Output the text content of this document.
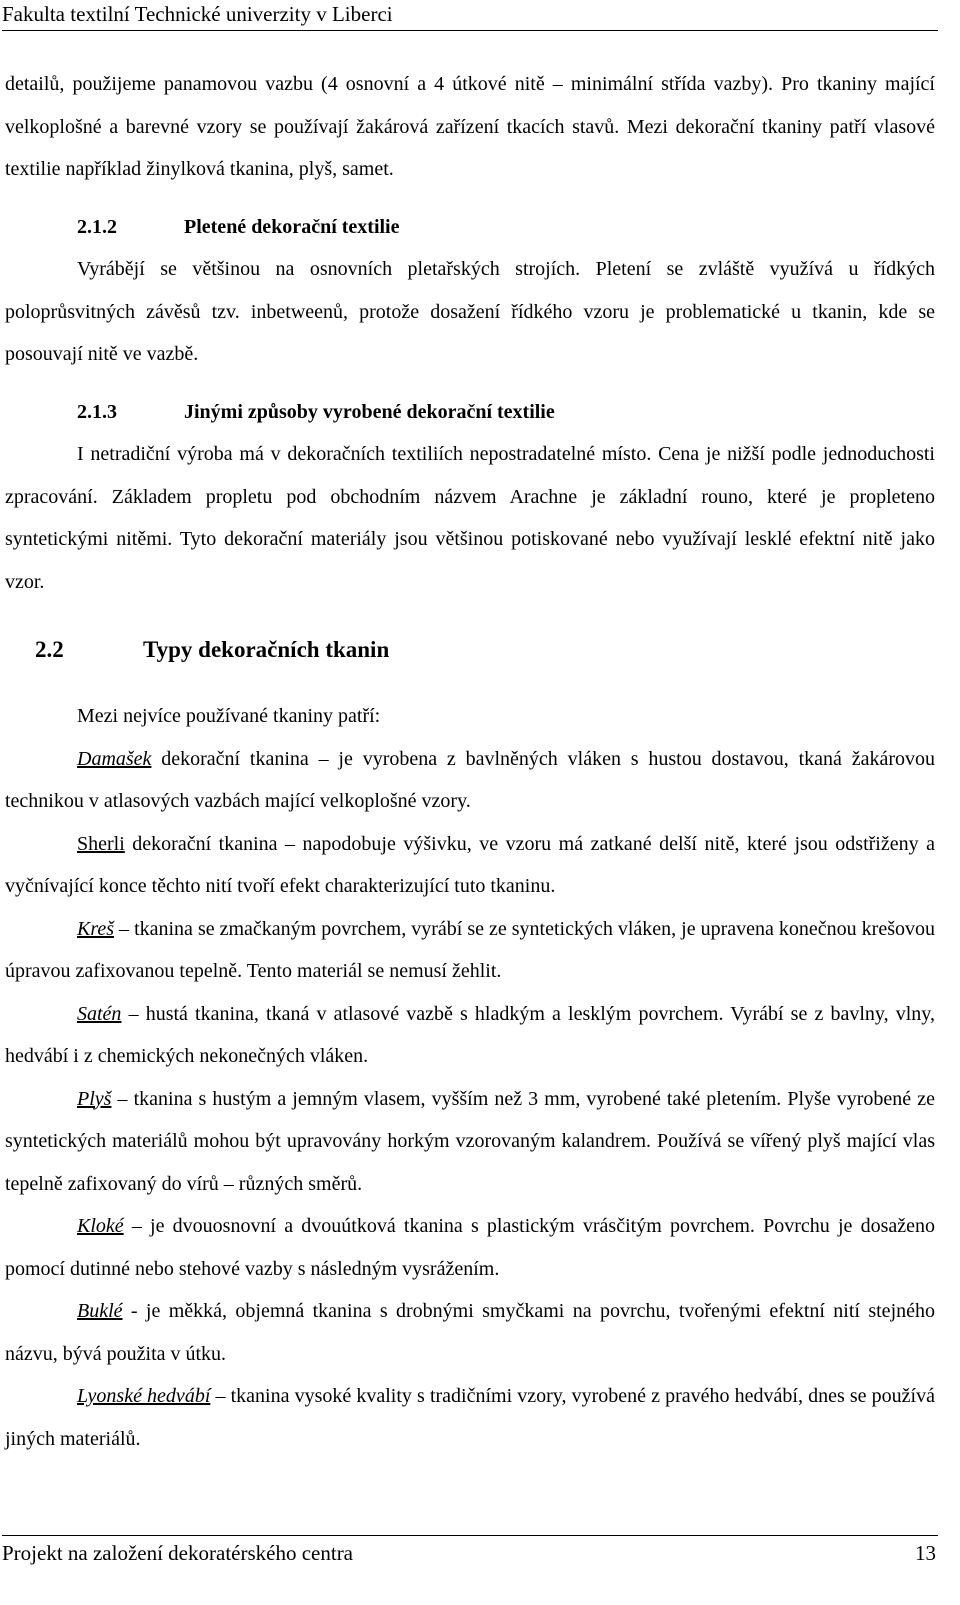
Fakulta textilní Technické univerzity v Liberci

detailů, použijeme panamovou vazbu (4 osnovní a 4 útkové nitě – minimální střída vazby). Pro tkaniny mající velkoplošné a barevné vzory se používají žakárová zařízení tkacích stavů. Mezi dekorační tkaniny patří vlasové textilie například žinylková tkanina, plyš, samet.

2.1.2	Pletené dekorační textilie

Vyrábějí se většinou na osnovních pletařských strojích. Pletení se zvláště využívá u řídkých poloprůsvitných závěsů tzv. inbetweenů, protože dosažení řídkého vzoru je problematické u tkanin, kde se posouvají nitě ve vazbě.

2.1.3	Jinými způsoby vyrobené dekorační textilie

I netradiční výroba má v dekoračních textiliích nepostradatelné místo. Cena je nižší podle jednoduchosti zpracování. Základem propletu pod obchodním názvem Arachne je základní rouno, které je propleteno syntetickými nitěmi. Tyto dekorační materiály jsou většinou potiskované nebo využívají lesklé efektní nitě jako vzor.

2.2	Typy dekoračních tkanin

Mezi nejvíce používané tkaniny patří:

Damašek dekorační tkanina – je vyrobena z bavlněných vláken s hustou dostavou, tkaná žakárovou technikou v atlasových vazbách mající velkoplošné vzory.

Sherli dekorační tkanina – napodobuje výšivku, ve vzoru má zatkané delší nitě, které jsou odstřiženy a vyčnívající konce těchto nití tvoří efekt charakterizující tuto tkaninu.

Kreš – tkanina se zmačkaným povrchem, vyrábí se ze syntetických vláken, je upravena konečnou krešovou úpravou zafixovanou tepelně. Tento materiál se nemusí žehlit.

Satén – hustá tkanina, tkaná v atlasové vazbě s hladkým a lesklým povrchem. Vyrábí se z bavlny, vlny, hedvábí i z chemických nekonečných vláken.

Plyš – tkanina s hustým a jemným vlasem, vyšším než 3 mm, vyrobené také pletením. Plyše vyrobené ze syntetických materiálů mohou být upravovány horkým vzorovaným kalandrem. Používá se vířený plyš mající vlas tepelně zafixovaný do vírů – různých směrů.

Kloké – je dvouosnovní a dvouútková tkanina s plastickým vrásčitým povrchem. Povrchu je dosaženo pomocí dutinné nebo stehové vazby s následným vysrážením.

Buklé - je měkká, objemná tkanina s drobnými smyčkami na povrchu, tvořenými efektní nití stejného názvu, bývá použita v útku.

Lyonské hedvábí – tkanina vysoké kvality s tradičními vzory, vyrobené z pravého hedvábí, dnes se používá jiných materiálů.

Projekt na založení dekoratérského centra	13
